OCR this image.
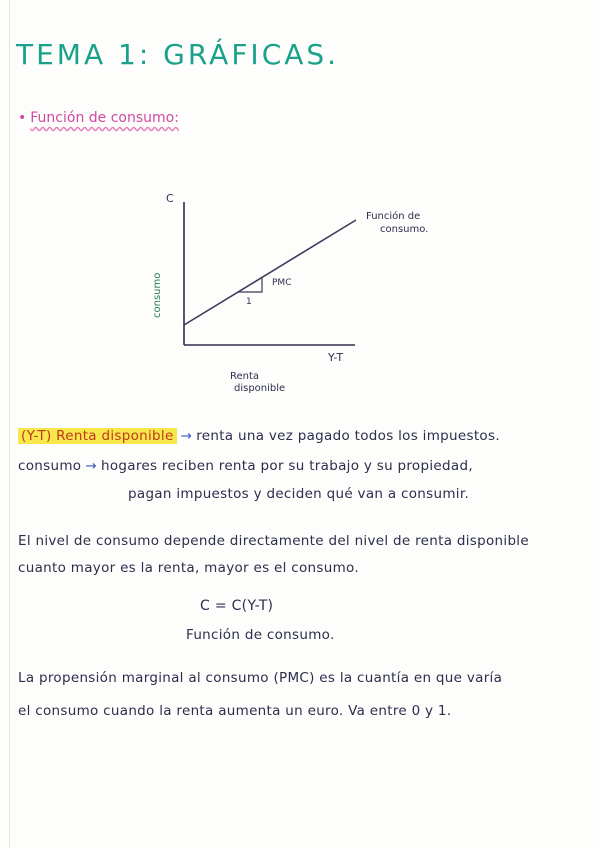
TEMA 1: GRÁFICAS.
• Función de consumo:
C
consumo
Y-T
Renta
disponible
Función de
consumo.
PMC
1
(Y-T) Renta disponible → renta una vez pagado todos los impuestos.
consumo → hogares reciben renta por su trabajo y su propiedad,
pagan impuestos y deciden qué van a consumir.
El nivel de consumo depende directamente del nivel de renta disponible
cuanto mayor es la renta, mayor es el consumo.
C = C(Y-T)
Función de consumo.
La propensión marginal al consumo (PMC) es la cuantía en que varía
el consumo cuando la renta aumenta un euro. Va entre 0 y 1.
